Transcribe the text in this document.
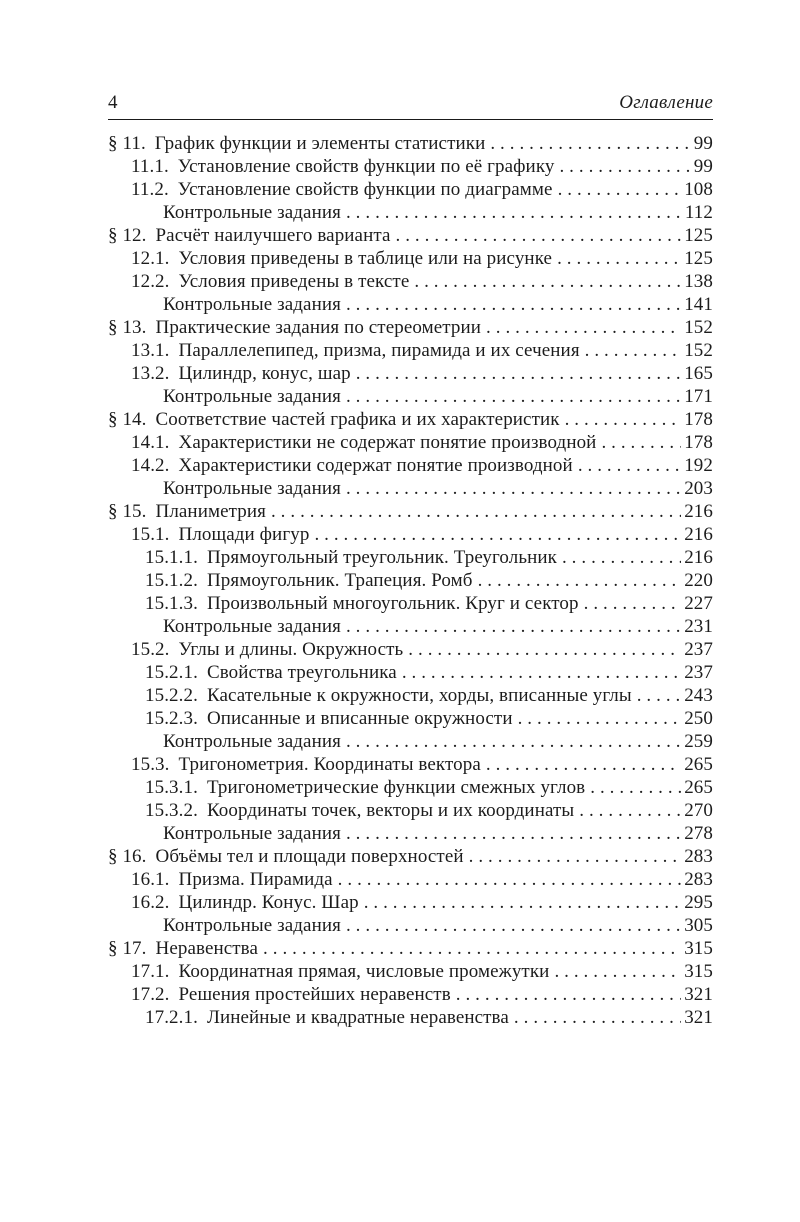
4	Оглавление
§ 11. График функции и элементы статистики . . .	99
11.1. Установление свойств функции по её графику . . .	99
11.2. Установление свойств функции по диаграмме . . .	108
Контрольные задания . . .	112
§ 12. Расчёт наилучшего варианта . . .	125
12.1. Условия приведены в таблице или на рисунке . . .	125
12.2. Условия приведены в тексте . . .	138
Контрольные задания . . .	141
§ 13. Практические задания по стереометрии . . .	152
13.1. Параллелепипед, призма, пирамида и их сечения . . .	152
13.2. Цилиндр, конус, шар . . .	165
Контрольные задания . . .	171
§ 14. Соответствие частей графика и их характеристик . . .	178
14.1. Характеристики не содержат понятие производной . . .	178
14.2. Характеристики содержат понятие производной . . .	192
Контрольные задания . . .	203
§ 15. Планиметрия . . .	216
15.1. Площади фигур . . .	216
15.1.1. Прямоугольный треугольник. Треугольник . . .	216
15.1.2. Прямоугольник. Трапеция. Ромб . . .	220
15.1.3. Произвольный многоугольник. Круг и сектор . . .	227
Контрольные задания . . .	231
15.2. Углы и длины. Окружность . . .	237
15.2.1. Свойства треугольника . . .	237
15.2.2. Касательные к окружности, хорды, вписанные углы . . .	243
15.2.3. Описанные и вписанные окружности . . .	250
Контрольные задания . . .	259
15.3. Тригонометрия. Координаты вектора . . .	265
15.3.1. Тригонометрические функции смежных углов . . .	265
15.3.2. Координаты точек, векторы и их координаты . . .	270
Контрольные задания . . .	278
§ 16. Объёмы тел и площади поверхностей . . .	283
16.1. Призма. Пирамида . . .	283
16.2. Цилиндр. Конус. Шар . . .	295
Контрольные задания . . .	305
§ 17. Неравенства . . .	315
17.1. Координатная прямая, числовые промежутки . . .	315
17.2. Решения простейших неравенств . . .	321
17.2.1. Линейные и квадратные неравенства . . .	321
